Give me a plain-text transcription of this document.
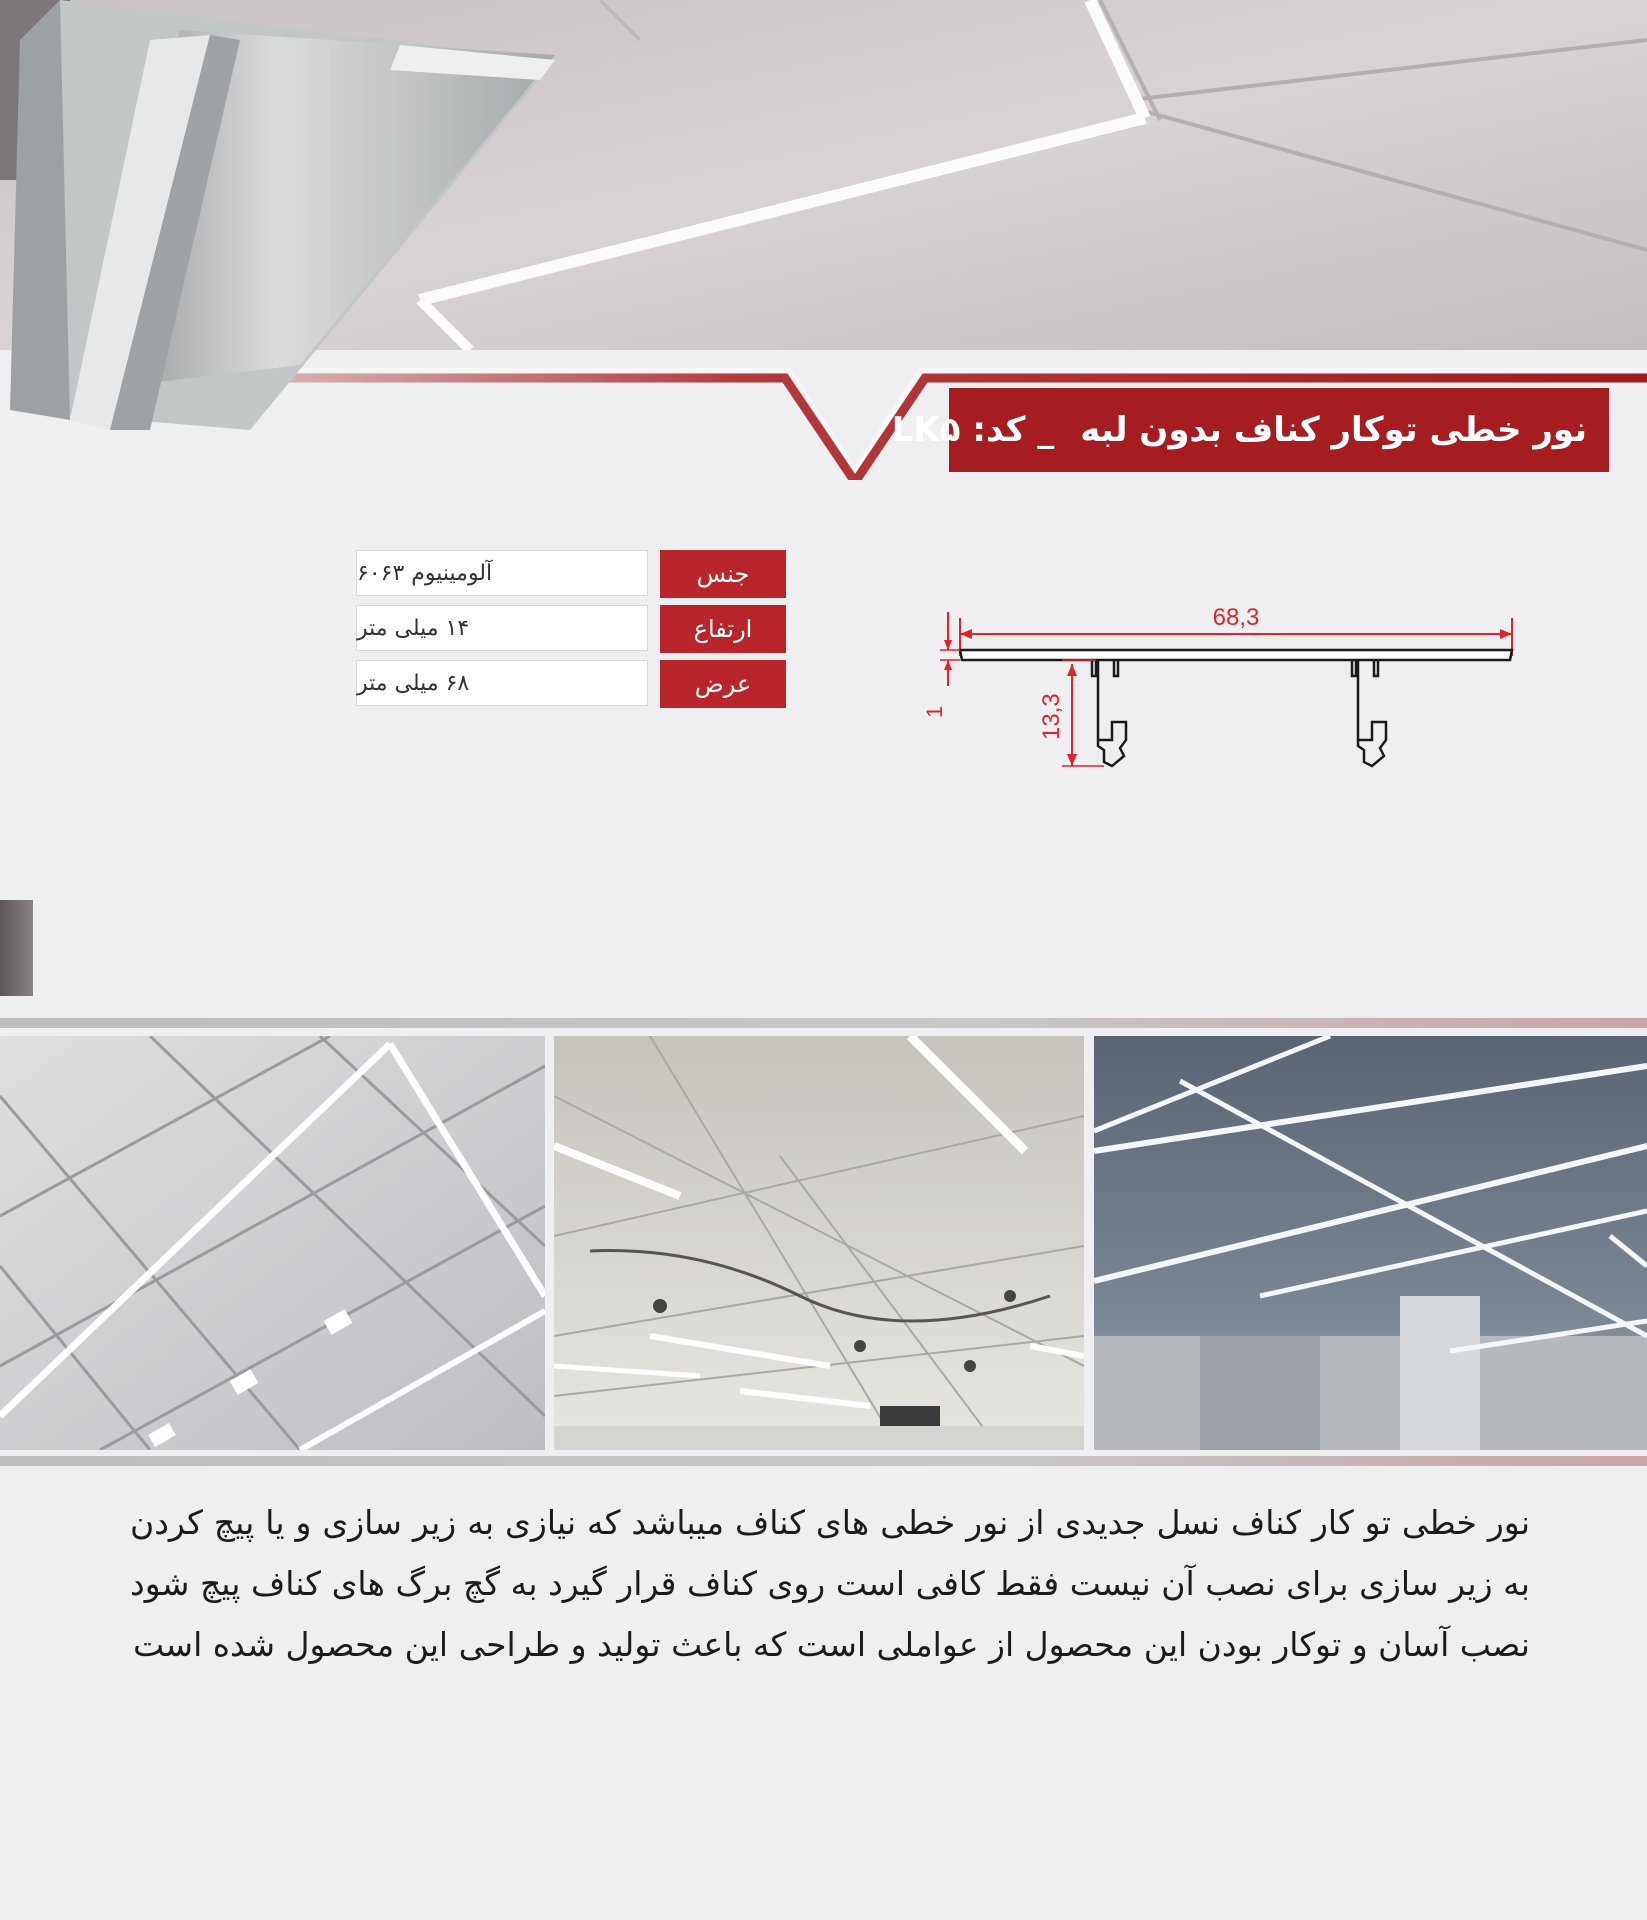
نور خطی توکار کناف بدون لبه
_ کد: LK۵
آلومینیوم ۶۰۶۳	جنس
۱۴ میلی متر	ارتفاع
۶۸ میلی متر	عرض
68,3
13,3
1
نور خطی تو کار کناف نسل جدیدی از نور خطی های کناف میباشد که نیازی به زیر سازی و یا پیچ کردن به زیر سازی برای نصب آن نیست فقط کافی است روی کناف قرار گیرد به گچ برگ های کناف پیچ شود نصب آسان و توکار بودن این محصول از عواملی است که باعث تولید و طراحی این محصول شده است
